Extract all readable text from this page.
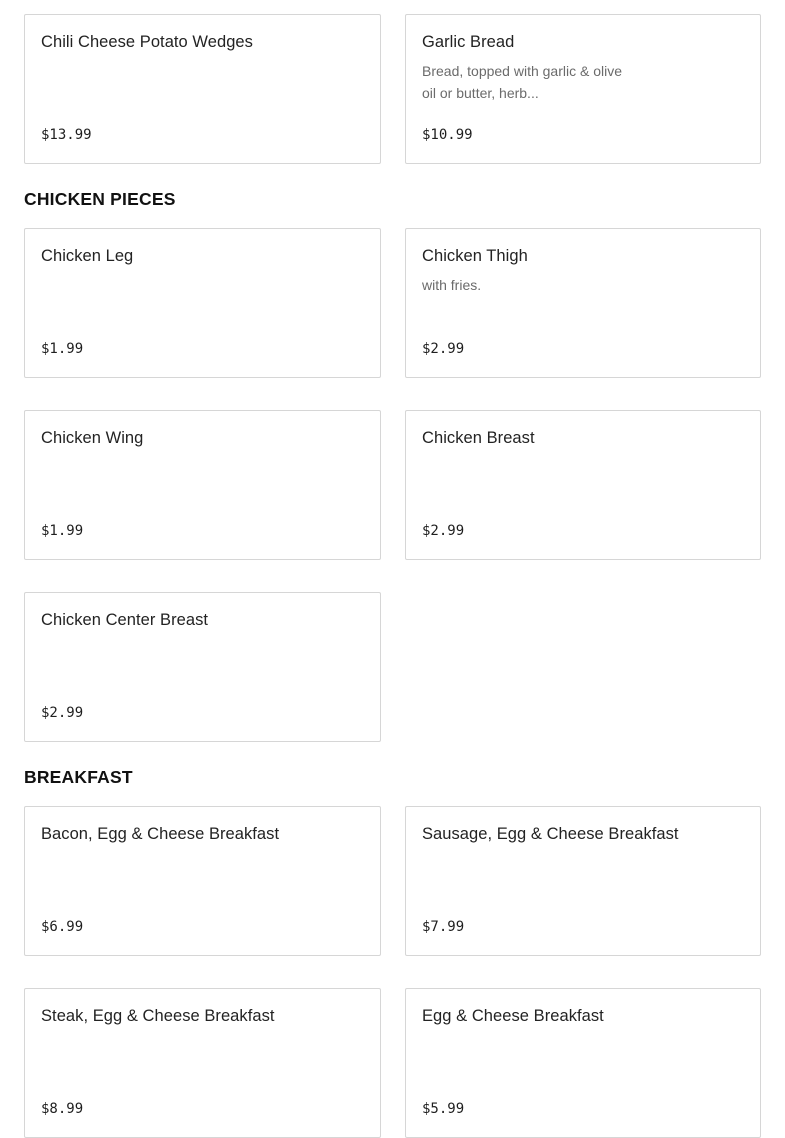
Chili Cheese Potato Wedges
$13.99
Garlic Bread
Bread, topped with garlic & olive oil or butter, herb...
$10.99
CHICKEN PIECES
Chicken Leg
$1.99
Chicken Thigh
with fries.
$2.99
Chicken Wing
$1.99
Chicken Breast
$2.99
Chicken Center Breast
$2.99
BREAKFAST
Bacon, Egg & Cheese Breakfast
$6.99
Sausage, Egg & Cheese Breakfast
$7.99
Steak, Egg & Cheese Breakfast
$8.99
Egg & Cheese Breakfast
$5.99
